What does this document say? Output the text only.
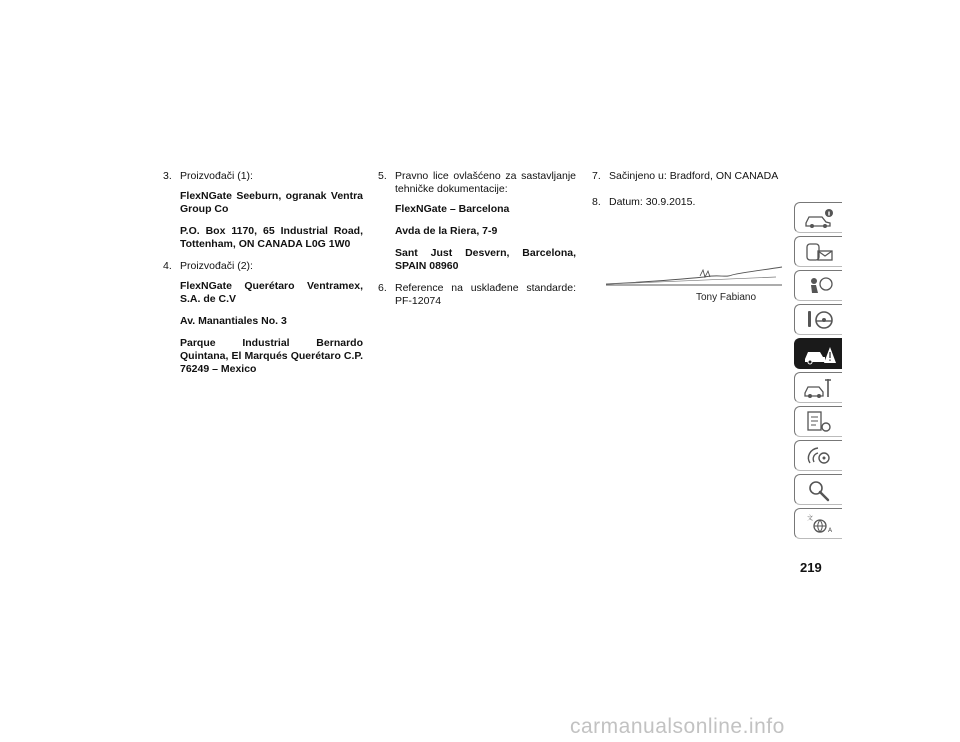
3. Proizvođači (1):
FlexNGate Seeburn, ogranak Ventra Group Co
P.O. Box 1170, 65 Industrial Road, Tottenham, ON CANADA L0G 1W0
4. Proizvođači (2):
FlexNGate Querétaro Ventramex, S.A. de C.V
Av. Manantiales No. 3
Parque Industrial Bernardo Quintana, El Marqués Querétaro C.P. 76249 – Mexico
5. Pravno lice ovlašćeno za sastavljanje tehničke dokumentacije:
FlexNGate – Barcelona
Avda de la Riera, 7-9
Sant Just Desvern, Barcelona, SPAIN 08960
6. Reference na usklađene standarde: PF-12074
7. Sačinjeno u: Bradford, ON CANADA
8. Datum: 30.9.2015.
Tony Fabiano
文
A
219
carmanualsonline.info
